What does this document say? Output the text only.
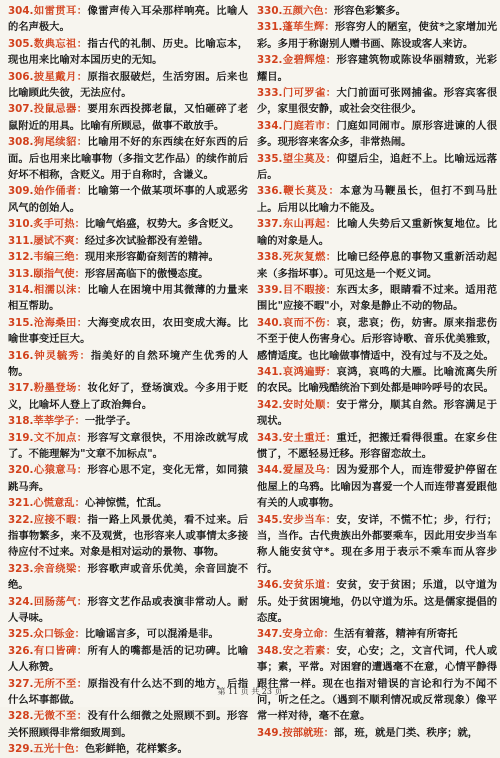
304.如雷贯耳：像雷声传入耳朵那样响亮。比喻人的名声极大。

305.数典忘祖：指古代的礼制、历史。比喻忘本，现也用来比喻对本国历史的无知。

306.披星戴月：原指衣服破烂，生活穷困。后来也比喻顾此失彼，无法应付。

307.投鼠忌器：要用东西投掷老鼠，又怕砸碎了老鼠附近的用具。比喻有所顾忌，做事不敢放手。

308.狗尾续貂：比喻用不好的东西续在好东西的后面。后也用来比喻事物（多指文艺作品）的续作前后好坏不相称，含贬义。用于自称时，含谦义。

309.始作俑者：比喻第一个做某项坏事的人或恶劣风气的创始人。

310.炙手可热：比喻气焰盛，权势大。多含贬义。

311.屡试不爽：经过多次试验都没有差错。

312.韦编三绝：现用来形容勤奋刻苦的精神。

313.颐指气使：形容居高临下的傲慢态度。

314.相濡以沫：比喻人在困境中用其微薄的力量来相互帮助。

315.沧海桑田：大海变成农田，农田变成大海。比喻世事变迁巨大。

316.钟灵毓秀：指美好的自然环境产生优秀的人物。

317.粉墨登场：妆化好了，登场演戏。今多用于贬义，比喻坏人登上了政治舞台。

318.莘莘学子：一批学子。

319.文不加点：形容写文章很快，不用涂改就写成了。不能理解为"文章不加标点"。

320.心猿意马：形容心思不定，变化无常，如同猿跳马奔。

321.心慌意乱：心神惊慌，忙乱。

322.应接不暇：指一路上风景优美，看不过来。后指事物繁多，来不及观赏，也形容来人或事情太多接待应付不过来。对象是相对运动的景物、事物。

323.余音绕梁：形容歌声或音乐优美，余音回旋不绝。

324.回肠荡气：形容文艺作品或表演非常动人。耐人寻味。

325.众口铄金：比喻谣言多，可以混淆是非。

326.有口皆碑：所有人的嘴都是活的记功碑。比喻人人称赞。

327.无所不至：原指没有什么达不到的地方，后指什么坏事都做。

328.无微不至：没有什么细微之处照顾不到。形容关怀照顾得非常细致周到。

329.五光十色：色彩鲜艳，花样繁多。

330.五颜六色：形容色彩繁多。

331.蓬荜生辉：形容穷人的陋室，使贫*之家增加光彩。多用于称谢别人赠书画、陈设或客人来访。

332.金碧辉煌：形容建筑物或陈设华丽精致，光彩耀目。

333.门可罗雀：大门前面可张网捕雀。形容宾客很少，家里很安静，或社会交往很少。

334.门庭若市：门庭如同闹市。原形容进谏的人很多。现形容来客众多，非常热闹。

335.望尘莫及：仰望后尘，追赶不上。比喻远远落后。

336.鞭长莫及：本意为马鞭虽长，但打不到马肚上。后用以比喻力不能及。

337.东山再起：比喻人失势后又重新恢复地位。比喻的对象是人。

338.死灰复燃：比喻已经停息的事物又重新活动起来（多指坏事）。可见这是一个贬义词。

339.目不暇接：东西太多，眼睛看不过来。适用范围比"应接不暇"小，对象是静止不动的物品。

340.哀而不伤：哀，悲哀；伤，妨害。原来指悲伤不至于使人伤害身心。后形容诗歌、音乐优美雅致，感情适度。也比喻做事情适中，没有过与不及之处。

341.哀鸿遍野：哀鸿，哀鸣的大雁。比喻流离失所的农民。比喻残酷统治下到处都是呻吟呼号的农民。

342.安时处顺：安于常分，顺其自然。形容满足于现状。

343.安土重迁：重迁，把搬迁看得很重。在家乡住惯了，不愿轻易迁移。形容留恋故土。

344.爱屋及乌：因为爱那个人，而连带爱护停留在他屋上的乌鸦。比喻因为喜爱一个人而连带喜爱跟他有关的人或事物。

345.安步当车：安，安详，不慌不忙；步，行行；当，当作。古代贵族出外都要乘车，因此用安步当车称人能安贫守*。现在多用于表示不乘车而从容步行。

346.安贫乐道：安贫，安于贫困；乐道，以守道为乐。处于贫困境地，仍以守道为乐。这是儒家提倡的态度。

347.安身立命：生活有着落，精神有所寄托

348.安之若素：安，心安；之，文言代词，代人或事；素，平常。对困窘的遭遇毫不在意，心情平静得跟往常一样。现在也指对错误的言论和行为不闻不问，听之任之。（遇到不顺利情况或反常现象）像平常一样对待，毫不在意。

349.按部就班：部，班，就是门类、秩序；就，

第 11 页 共 23 页
